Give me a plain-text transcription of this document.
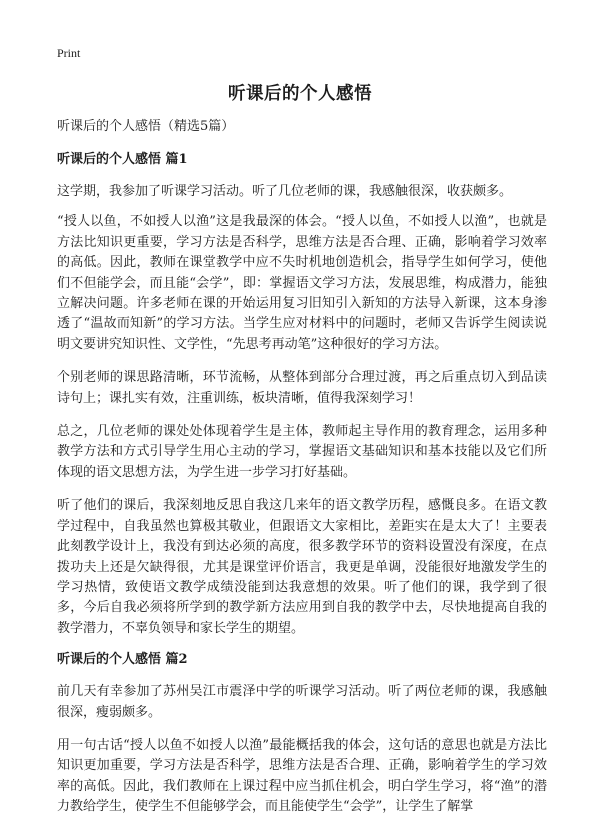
Print
听课后的个人感悟

听课后的个人感悟（精选5篇）

听课后的个人感悟 篇1

这学期，我参加了听课学习活动。听了几位老师的课，我感触很深，收获颇多。

“授人以鱼，不如授人以渔”这是我最深的体会。“授人以鱼，不如授人以渔”，也就是方法比知识更重要，学习方法是否科学，思维方法是否合理、正确，影响着学习效率的高低。因此，教师在课堂教学中应不失时机地创造机会，指导学生如何学习，使他们不但能学会，而且能“会学”，即：掌握语文学习方法，发展思维，构成潜力，能独立解决问题。许多老师在课的开始运用复习旧知引入新知的方法导入新课，这本身渗透了“温故而知新”的学习方法。当学生应对材料中的问题时，老师又告诉学生阅读说明文要讲究知识性、文学性，“先思考再动笔”这种很好的学习方法。

个别老师的课思路清晰，环节流畅，从整体到部分合理过渡，再之后重点切入到品读诗句上；课扎实有效，注重训练，板块清晰，值得我深刻学习！

总之，几位老师的课处处体现着学生是主体，教师起主导作用的教育理念，运用多种教学方法和方式引导学生用心主动的学习，掌握语文基础知识和基本技能以及它们所体现的语文思想方法，为学生进一步学习打好基础。

听了他们的课后，我深刻地反思自我这几来年的语文教学历程，感慨良多。在语文教学过程中，自我虽然也算极其敬业，但跟语文大家相比，差距实在是太大了！主要表此刻教学设计上，我没有到达必须的高度，很多教学环节的资料设置没有深度，在点拨功夫上还是欠缺得很，尤其是课堂评价语言，我更是单调，没能很好地激发学生的学习热情，致使语文教学成绩没能到达我意想的效果。听了他们的课，我学到了很多，今后自我必须将所学到的教学新方法应用到自我的教学中去，尽快地提高自我的教学潜力，不辜负领导和家长学生的期望。

听课后的个人感悟 篇2

前几天有幸参加了苏州吴江市震泽中学的听课学习活动。听了两位老师的课，我感触很深，瘦弱颇多。

用一句古话“授人以鱼不如授人以渔”最能概括我的体会，这句话的意思也就是方法比知识更加重要，学习方法是否科学，思维方法是否合理、正确，影响着学生的学习效率的高低。因此，我们教师在上课过程中应当抓住机会，明白学生学习，将“渔”的潜力教给学生，使学生不但能够学会，而且能使学生“会学”，让学生了解掌
